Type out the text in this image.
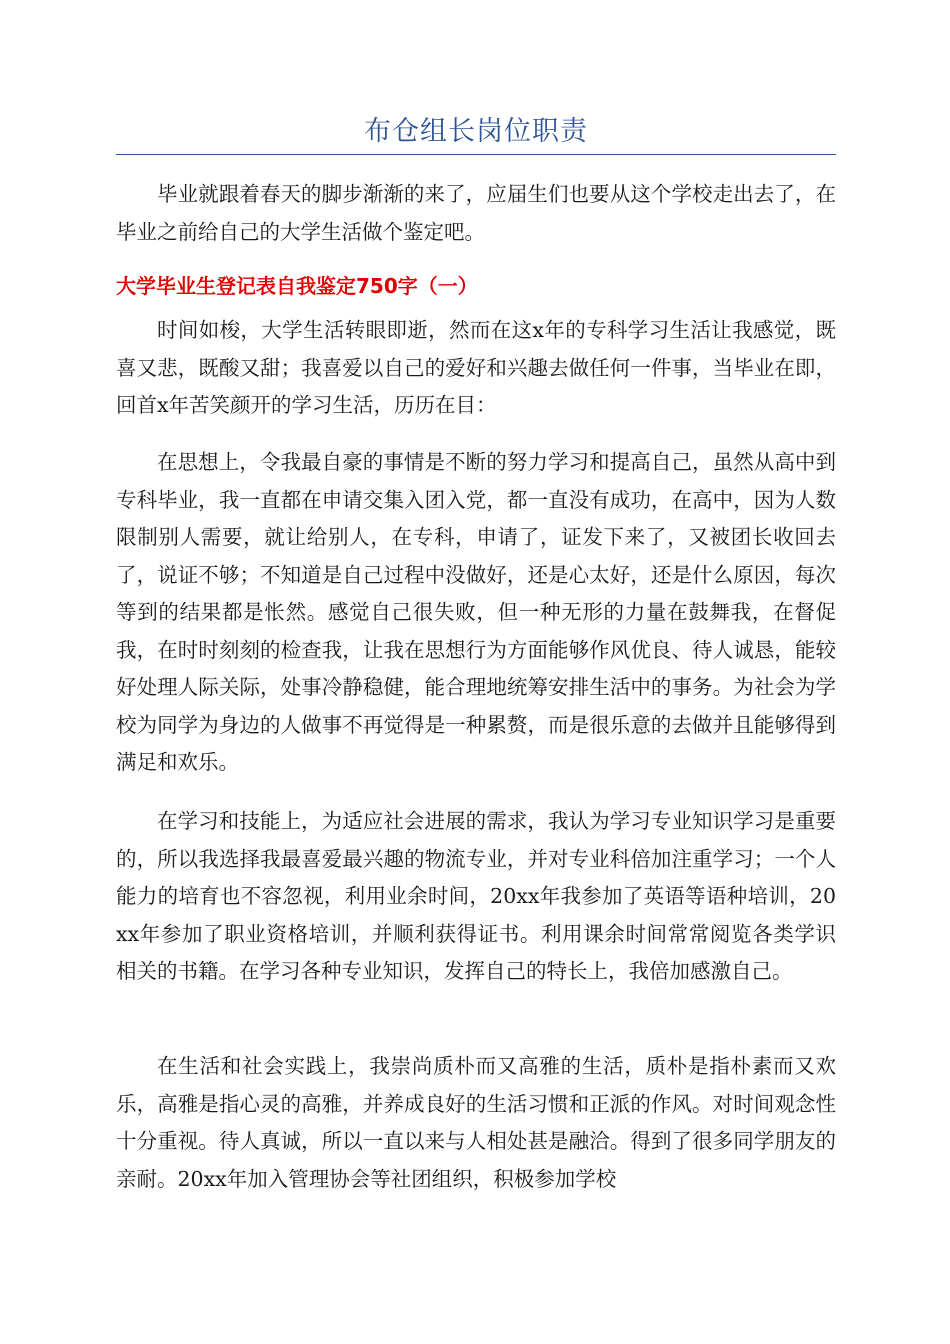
布仓组长岗位职责

毕业就跟着春天的脚步渐渐的来了，应届生们也要从这个学校走出去了，在毕业之前给自己的大学生活做个鉴定吧。

大学毕业生登记表自我鉴定750字（一）

时间如梭，大学生活转眼即逝，然而在这x年的专科学习生活让我感觉，既喜又悲，既酸又甜；我喜爱以自己的爱好和兴趣去做任何一件事，当毕业在即，回首x年苦笑颜开的学习生活，历历在目：

在思想上，令我最自豪的事情是不断的努力学习和提高自己，虽然从高中到专科毕业，我一直都在申请交集入团入党，都一直没有成功，在高中，因为人数限制别人需要，就让给别人，在专科，申请了，证发下来了，又被团长收回去了，说证不够；不知道是自己过程中没做好，还是心太好，还是什么原因，每次等到的结果都是怅然。感觉自己很失败，但一种无形的力量在鼓舞我，在督促我，在时时刻刻的检查我，让我在思想行为方面能够作风优良、待人诚恳，能较好处理人际关际，处事冷静稳健，能合理地统筹安排生活中的事务。为社会为学校为同学为身边的人做事不再觉得是一种累赘，而是很乐意的去做并且能够得到满足和欢乐。

在学习和技能上，为适应社会进展的需求，我认为学习专业知识学习是重要的，所以我选择我最喜爱最兴趣的物流专业，并对专业科倍加注重学习；一个人能力的培育也不容忽视，利用业余时间，20xx年我参加了英语等语种培训，20xx年参加了职业资格培训，并顺利获得证书。利用课余时间常常阅览各类学识相关的书籍。在学习各种专业知识，发挥自己的特长上，我倍加感激自己。

在生活和社会实践上，我崇尚质朴而又高雅的生活，质朴是指朴素而又欢乐，高雅是指心灵的高雅，并养成良好的生活习惯和正派的作风。对时间观念性十分重视。待人真诚，所以一直以来与人相处甚是融洽。得到了很多同学朋友的亲耐。20xx年加入管理协会等社团组织，积极参加学校
